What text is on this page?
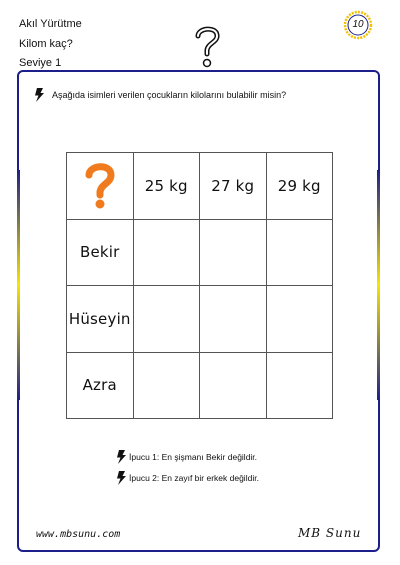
Akıl Yürütme
Kilom kaç?
Seviye 1
10
Aşağıda isimleri verilen çocukların kilolarını bulabilir misin?
	25 kg	27 kg	29 kg
Bekir			
Hüseyin			
Azra			
İpucu 1: En şişmanı Bekir değildir.
İpucu 2: En zayıf bir erkek değildir.
www.mbsunu.com	MB Sunu
